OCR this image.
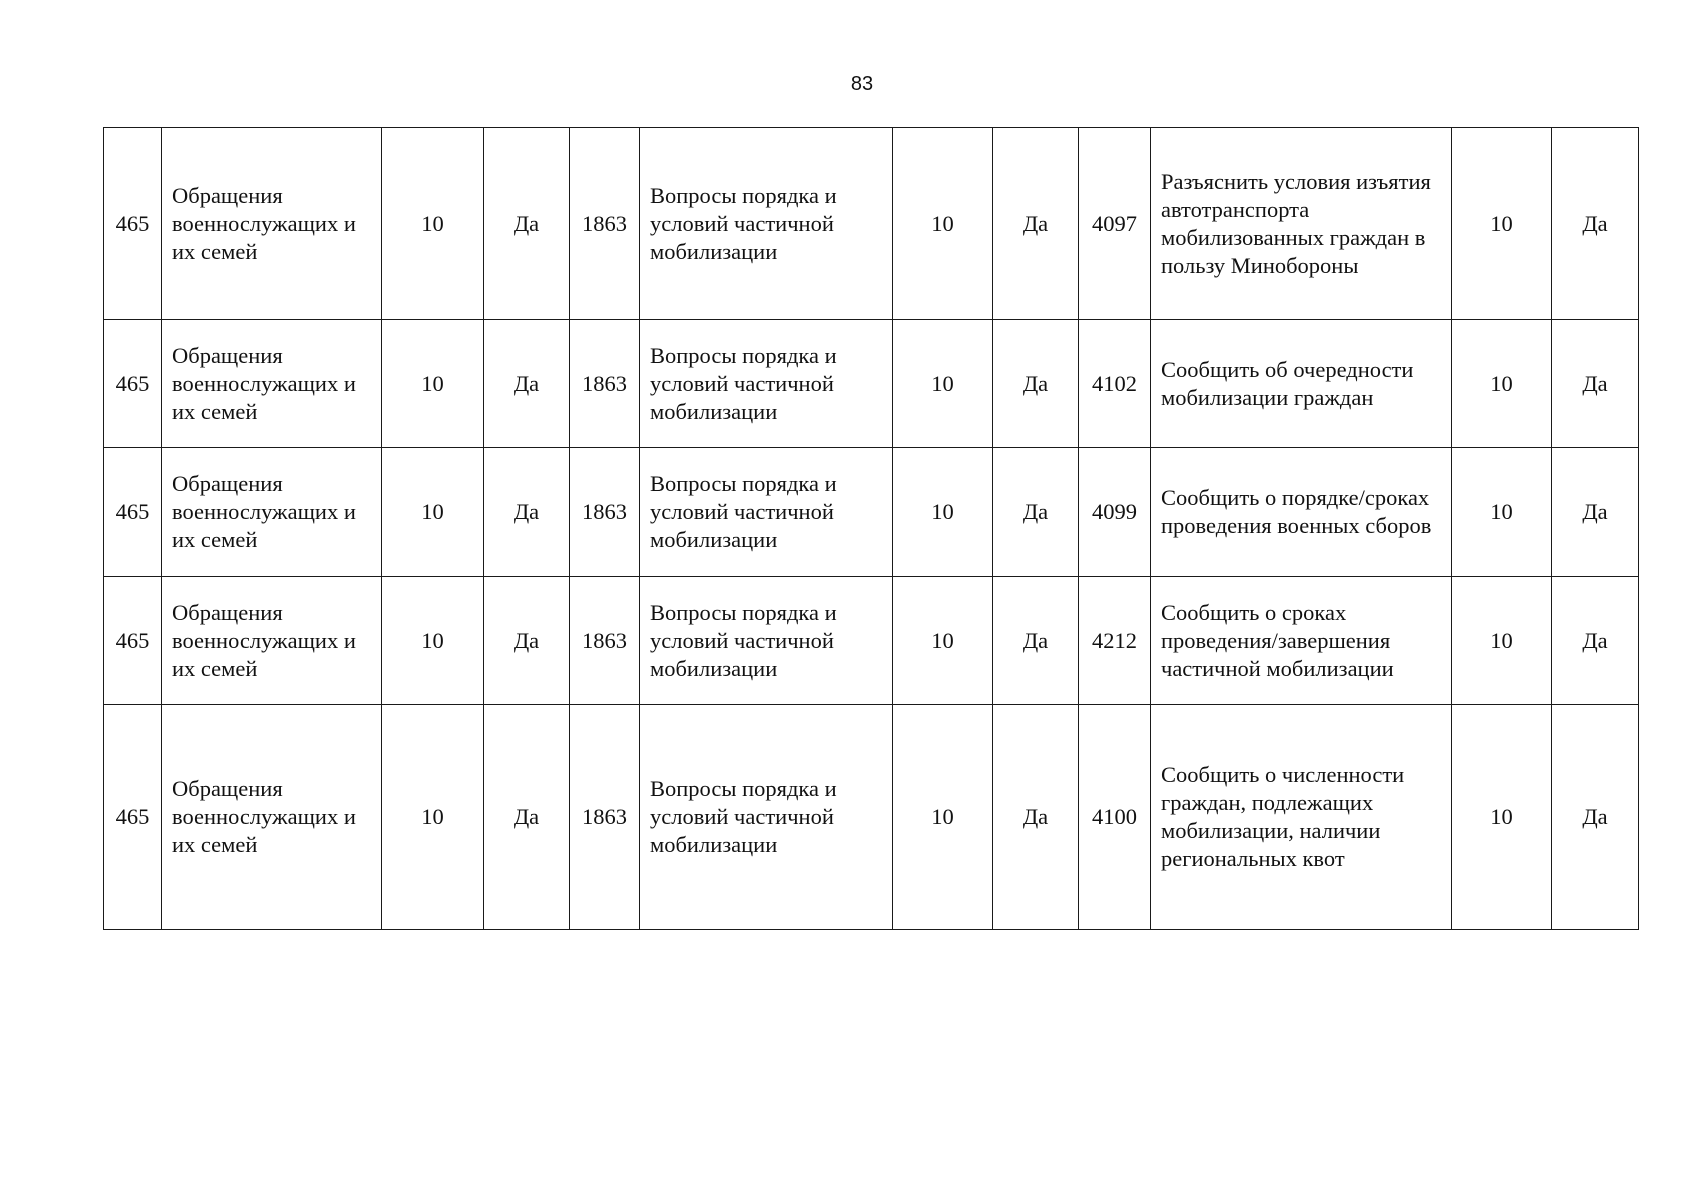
83
465	Обращения военнослужащих и их семей	10	Да	1863	Вопросы порядка и условий частичной мобилизации	10	Да	4097	Разъяснить условия изъятия автотранспорта мобилизованных граждан в пользу Минобороны	10	Да
465	Обращения военнослужащих и их семей	10	Да	1863	Вопросы порядка и условий частичной мобилизации	10	Да	4102	Сообщить об очередности мобилизации граждан	10	Да
465	Обращения военнослужащих и их семей	10	Да	1863	Вопросы порядка и условий частичной мобилизации	10	Да	4099	Сообщить о порядке/сроках проведения военных сборов	10	Да
465	Обращения военнослужащих и их семей	10	Да	1863	Вопросы порядка и условий частичной мобилизации	10	Да	4212	Сообщить о сроках проведения/завершения частичной мобилизации	10	Да
465	Обращения военнослужащих и их семей	10	Да	1863	Вопросы порядка и условий частичной мобилизации	10	Да	4100	Сообщить о численности граждан, подлежащих мобилизации, наличии региональных квот	10	Да
